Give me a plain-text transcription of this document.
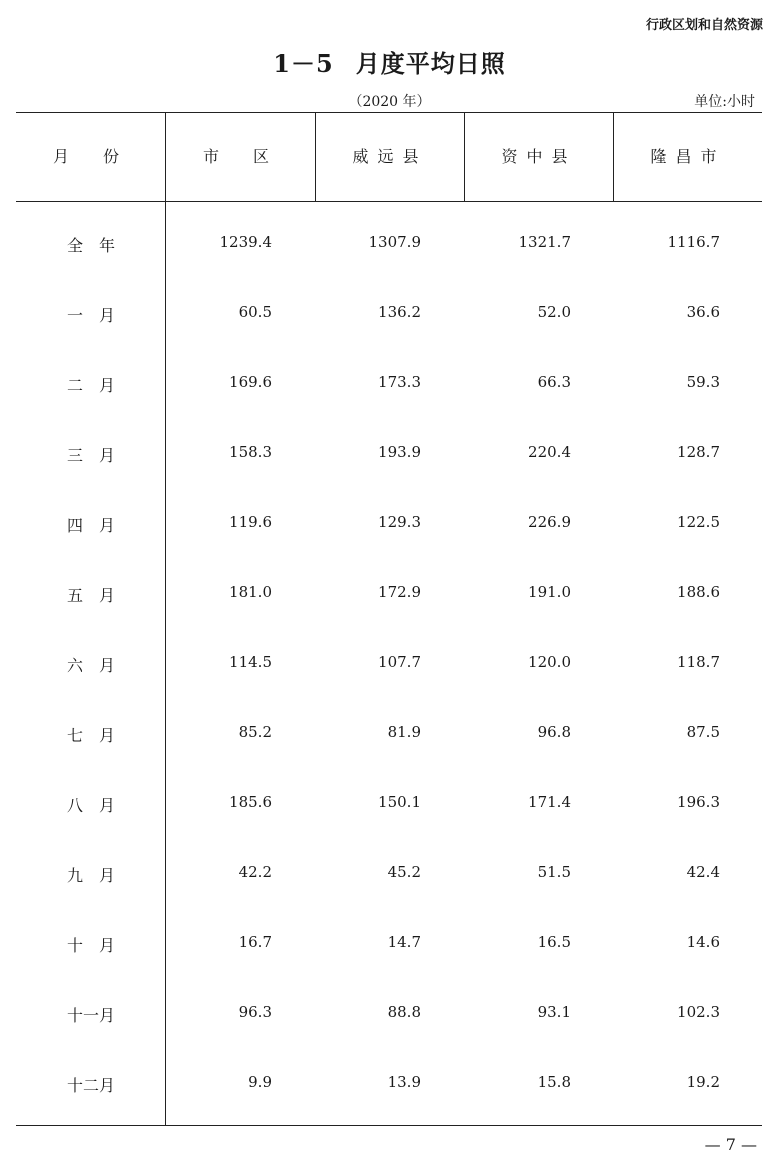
行政区划和自然资源
1－5 月度平均日照
（2020 年）	单位:小时
月　份	市　区	威远县	资中县	隆昌市
全年	1239.4	1307.9	1321.7	1116.7
一月	60.5	136.2	52.0	36.6
二月	169.6	173.3	66.3	59.3
三月	158.3	193.9	220.4	128.7
四月	119.6	129.3	226.9	122.5
五月	181.0	172.9	191.0	188.6
六月	114.5	107.7	120.0	118.7
七月	85.2	81.9	96.8	87.5
八月	185.6	150.1	171.4	196.3
九月	42.2	45.2	51.5	42.4
十月	16.7	14.7	16.5	14.6
十一月	96.3	88.8	93.1	102.3
十二月	9.9	13.9	15.8	19.2
— 7 —
